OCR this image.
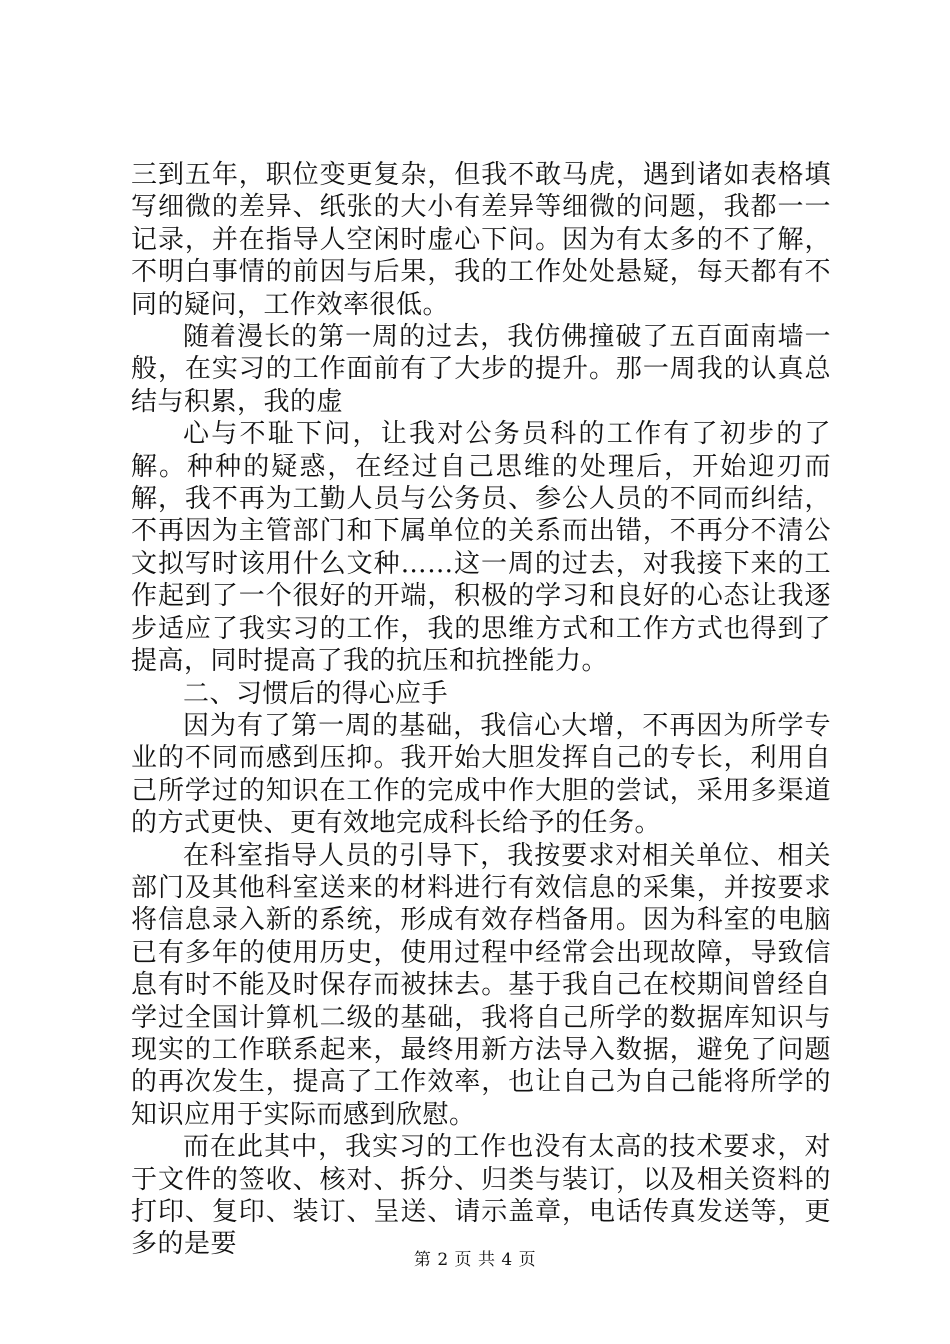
三到五年，职位变更复杂，但我不敢马虎，遇到诸如表格填写细微的差异、纸张的大小有差异等细微的问题，我都一一记录，并在指导人空闲时虚心下问。因为有太多的不了解，不明白事情的前因与后果，我的工作处处悬疑，每天都有不同的疑问，工作效率很低。

随着漫长的第一周的过去，我仿佛撞破了五百面南墙一般，在实习的工作面前有了大步的提升。那一周我的认真总结与积累，我的虚

心与不耻下问，让我对公务员科的工作有了初步的了解。种种的疑惑，在经过自己思维的处理后，开始迎刃而解，我不再为工勤人员与公务员、参公人员的不同而纠结，不再因为主管部门和下属单位的关系而出错，不再分不清公文拟写时该用什么文种……这一周的过去，对我接下来的工作起到了一个很好的开端，积极的学习和良好的心态让我逐步适应了我实习的工作，我的思维方式和工作方式也得到了提高，同时提高了我的抗压和抗挫能力。

二、习惯后的得心应手

因为有了第一周的基础，我信心大增，不再因为所学专业的不同而感到压抑。我开始大胆发挥自己的专长，利用自己所学过的知识在工作的完成中作大胆的尝试，采用多渠道的方式更快、更有效地完成科长给予的任务。

在科室指导人员的引导下，我按要求对相关单位、相关部门及其他科室送来的材料进行有效信息的采集，并按要求将信息录入新的系统，形成有效存档备用。因为科室的电脑已有多年的使用历史，使用过程中经常会出现故障，导致信息有时不能及时保存而被抹去。基于我自己在校期间曾经自学过全国计算机二级的基础，我将自己所学的数据库知识与现实的工作联系起来，最终用新方法导入数据，避免了问题的再次发生，提高了工作效率，也让自己为自己能将所学的知识应用于实际而感到欣慰。

而在此其中，我实习的工作也没有太高的技术要求，对于文件的签收、核对、拆分、归类与装订，以及相关资料的打印、复印、装订、呈送、请示盖章，电话传真发送等，更多的是要

第 2 页 共 4 页
